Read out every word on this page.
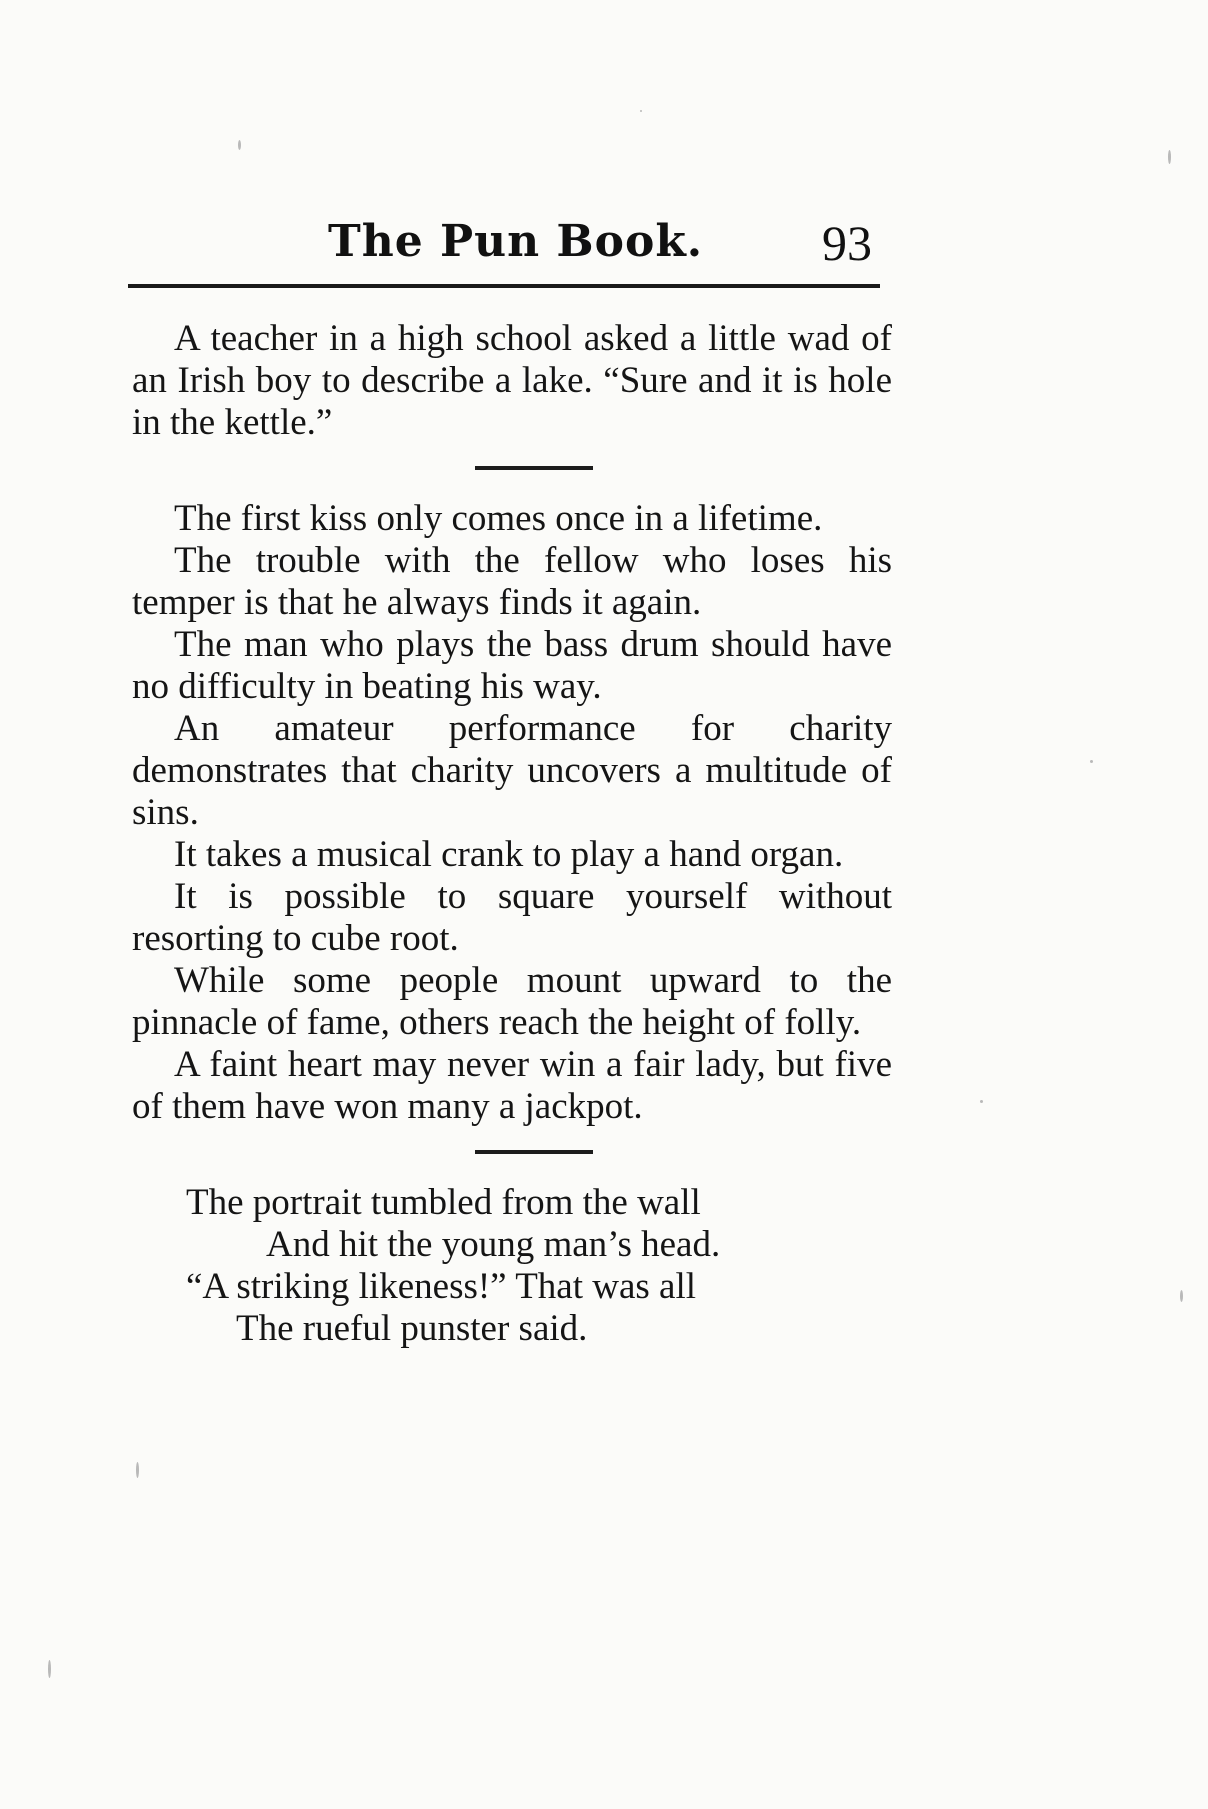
The Pun Book. 93

A teacher in a high school asked a little wad of an Irish boy to describe a lake. “Sure and it is hole in the kettle.”

The first kiss only comes once in a lifetime.

The trouble with the fellow who loses his temper is that he always finds it again.

The man who plays the bass drum should have no difficulty in beating his way.

An amateur performance for charity demonstrates that charity uncovers a multitude of sins.

It takes a musical crank to play a hand organ.

It is possible to square yourself without resorting to cube root.

While some people mount upward to the pinnacle of fame, others reach the height of folly.

A faint heart may never win a fair lady, but five of them have won many a jackpot.

The portrait tumbled from the wall
And hit the young man’s head.
“A striking likeness!” That was all
The rueful punster said.
